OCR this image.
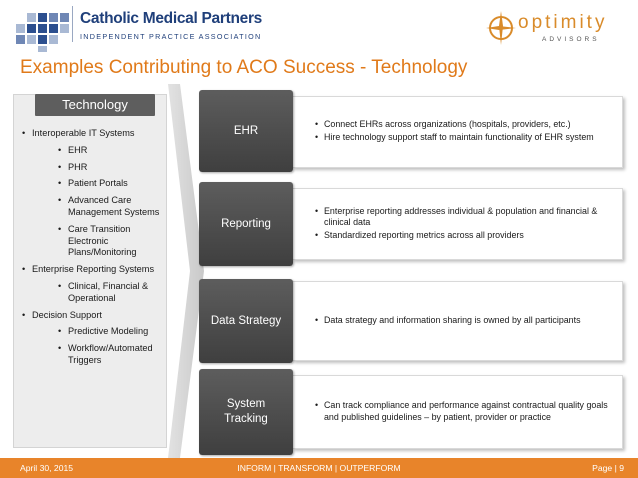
Catholic Medical Partners
INDEPENDENT PRACTICE ASSOCIATION
optimity
ADVISORS
Examples Contributing to ACO Success - Technology
Technology
• Interoperable IT Systems
• EHR
• PHR
• Patient Portals
• Advanced Care Management Systems
• Care Transition Electronic Plans/Monitoring
• Enterprise Reporting Systems
• Clinical, Financial & Operational
• Decision Support
• Predictive Modeling
• Workflow/Automated Triggers
• Connect EHRs across organizations (hospitals, providers, etc.)
• Hire technology support staff to maintain functionality of EHR system
EHR
• Enterprise reporting addresses individual & population and financial & clinical data
• Standardized reporting metrics across all providers
Reporting
• Data strategy and information sharing is owned by all participants
Data Strategy
• Can track compliance and performance against contractual quality goals and published guidelines – by patient, provider or practice
System Tracking
April 30, 2015	INFORM | TRANSFORM | OUTPERFORM	Page | 9
